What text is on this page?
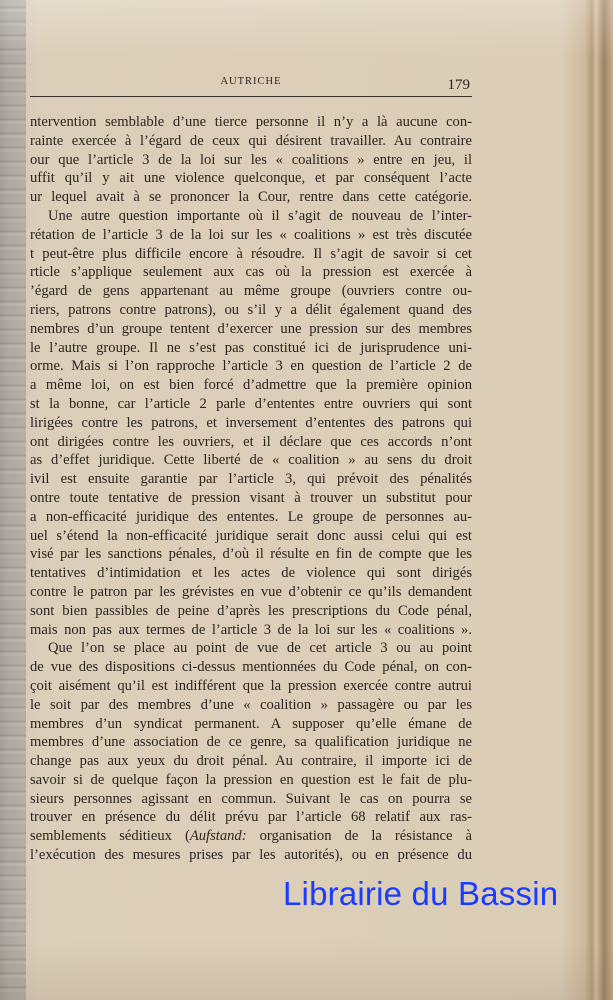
AUTRICHE	179
ntervention semblable d’une tierce personne il n’y a là aucune con-
rainte exercée à l’égard de ceux qui désirent travailler. Au contraire
our que l’article 3 de la loi sur les « coalitions » entre en jeu, il
uffit qu’il y ait une violence quelconque, et par conséquent l’acte
ur lequel avait à se prononcer la Cour, rentre dans cette catégorie.
Une autre question importante où il s’agit de nouveau de l’inter-
rétation de l’article 3 de la loi sur les « coalitions » est très discutée
t peut-être plus difficile encore à résoudre. Il s’agit de savoir si cet
rticle s’applique seulement aux cas où la pression est exercée à
’égard de gens appartenant au même groupe (ouvriers contre ou-
riers, patrons contre patrons), ou s’il y a délit également quand des
nembres d’un groupe tentent d’exercer une pression sur des membres
le l’autre groupe. Il ne s’est pas constitué ici de jurisprudence uni-
orme. Mais si l’on rapproche l’article 3 en question de l’article 2 de
a même loi, on est bien forcé d’admettre que la première opinion
st la bonne, car l’article 2 parle d’ententes entre ouvriers qui sont
lirigées contre les patrons, et inversement d’ententes des patrons qui
ont dirigées contre les ouvriers, et il déclare que ces accords n’ont
as d’effet juridique. Cette liberté de « coalition » au sens du droit
ivil est ensuite garantie par l’article 3, qui prévoit des pénalités
ontre toute tentative de pression visant à trouver un substitut pour
a non-efficacité juridique des ententes. Le groupe de personnes au-
uel s’étend la non-efficacité juridique serait donc aussi celui qui est
visé par les sanctions pénales, d’où il résulte en fin de compte que les
tentatives d’intimidation et les actes de violence qui sont dirigés
contre le patron par les grévistes en vue d’obtenir ce qu’ils demandent
sont bien passibles de peine d’après les prescriptions du Code pénal,
mais non pas aux termes de l’article 3 de la loi sur les « coalitions ».
Que l’on se place au point de vue de cet article 3 ou au point
de vue des dispositions ci-dessus mentionnées du Code pénal, on con-
çoit aisément qu’il est indifférent que la pression exercée contre autrui
le soit par des membres d’une « coalition » passagère ou par les
membres d’un syndicat permanent. A supposer qu’elle émane de
membres d’une association de ce genre, sa qualification juridique ne
change pas aux yeux du droit pénal. Au contraire, il importe ici de
savoir si de quelque façon la pression en question est le fait de plu-
sieurs personnes agissant en commun. Suivant le cas on pourra se
trouver en présence du délit prévu par l’article 68 relatif aux ras-
semblements séditieux (Aufstand: organisation de la résistance à
l’exécution des mesures prises par les autorités), ou en présence du
Librairie du Bassin
